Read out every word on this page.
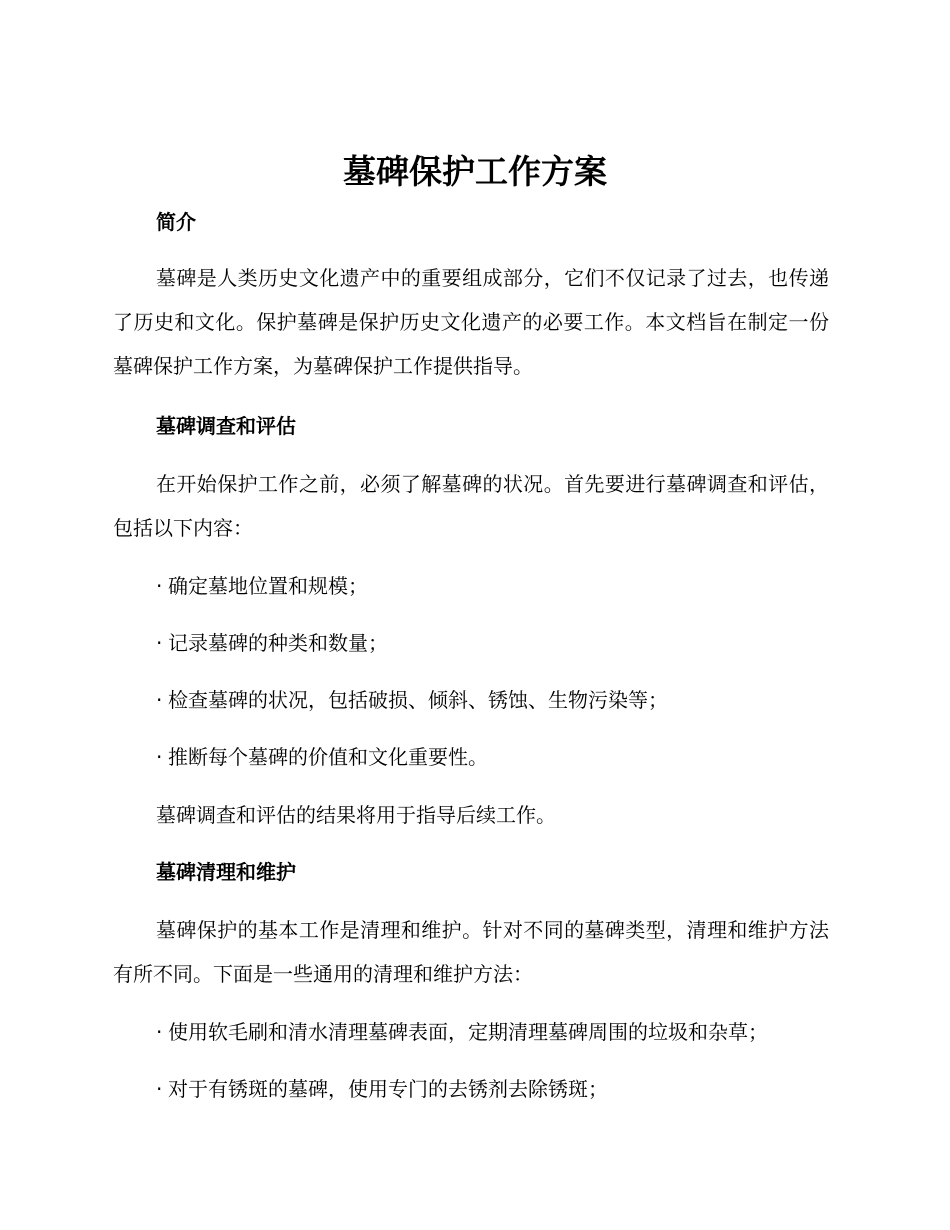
墓碑保护工作方案
简介

墓碑是人类历史文化遗产中的重要组成部分，它们不仅记录了过去，也传递了历史和文化。保护墓碑是保护历史文化遗产的必要工作。本文档旨在制定一份墓碑保护工作方案，为墓碑保护工作提供指导。

墓碑调查和评估

在开始保护工作之前，必须了解墓碑的状况。首先要进行墓碑调查和评估，包括以下内容：

· 确定墓地位置和规模；

· 记录墓碑的种类和数量；

· 检查墓碑的状况，包括破损、倾斜、锈蚀、生物污染等；

· 推断每个墓碑的价值和文化重要性。

墓碑调查和评估的结果将用于指导后续工作。

墓碑清理和维护

墓碑保护的基本工作是清理和维护。针对不同的墓碑类型，清理和维护方法有所不同。下面是一些通用的清理和维护方法：

· 使用软毛刷和清水清理墓碑表面，定期清理墓碑周围的垃圾和杂草；

· 对于有锈斑的墓碑，使用专门的去锈剂去除锈斑；
